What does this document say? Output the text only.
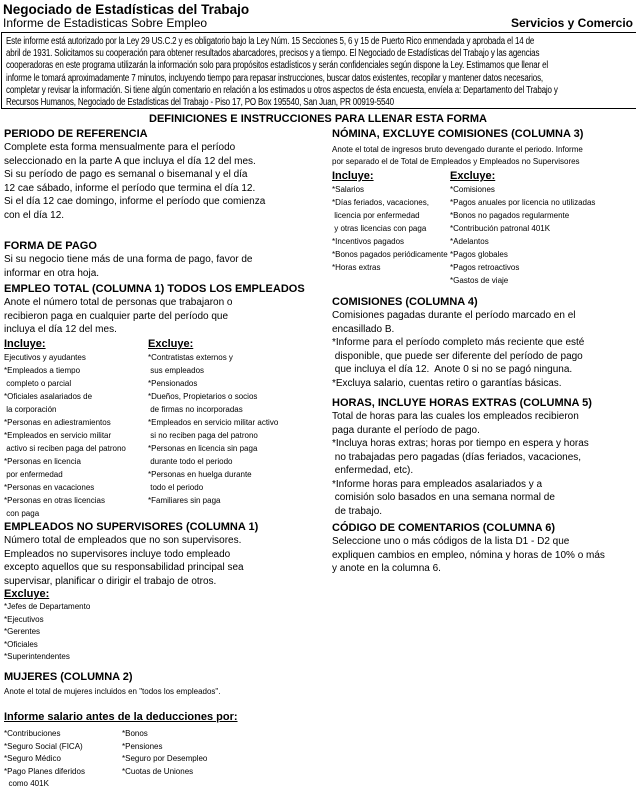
Negociado de Estadísticas del Trabajo
Informe de Estadisticas Sobre Empleo	Servicios y Comercio
Este informe está autorizado por la Ley 29 US.C.2 y es obligatorio bajo la Ley Núm. 15 Secciones 5, 6 y 15 de Puerto Rico enmendada y aprobada el 14 de
abril de 1931. Solicitamos su cooperación para obtener resultados abarcadores, precisos y a tiempo. El Negociado de Estadísticas del Trabajo y las agencias
cooperadoras en este programa utilizarán la información solo para propósitos estadísticos y serán confidenciales según dispone la Ley. Estimamos que llenar el
informe le tomará aproximadamente 7 minutos, incluyendo tiempo para repasar instrucciones, buscar datos existentes, recopilar y mantener datos necesarios,
completar y revisar la información. Si tiene algún comentario en relación a los estimados u otros aspectos de ésta encuesta, envíela a: Departamento del Trabajo y
Recursos Humanos, Negociado de Estadísticas del Trabajo - Piso 17, PO Box 195540, San Juan, PR 00919-5540
DEFINICIONES E INSTRUCCIONES PARA LLENAR ESTA FORMA
PERIODO DE REFERENCIA
Complete esta forma mensualmente para el período
seleccionado en la parte A que incluya el día 12 del mes.
Si su período de pago es semanal o bisemanal y el día
12 cae sábado, informe el período que termina el día 12.
Si el día 12 cae domingo, informe el período que comienza
con el día 12.
FORMA DE PAGO
Si su negocio tiene más de una forma de pago, favor de
informar en otra hoja.
EMPLEO TOTAL (COLUMNA 1) TODOS LOS EMPLEADOS
Anote el número total de personas que trabajaron o
recibieron paga en cualquier parte del período que
incluya el día 12 del mes.
Incluye:
Ejecutivos y ayudantes
*Empleados a tiempo
completo o parcial
*Oficiales asalariados de
la corporación
*Personas en adiestramientos
*Empleados en servicio militar
activo si reciben paga del patrono
*Personas en licencia
por enfermedad
*Personas en vacaciones
*Personas en otras licencias
con paga
Excluye:
*Contratistas externos y
sus empleados
*Pensionados
*Dueños, Propietarios o socios
de firmas no incorporadas
*Empleados en servicio militar activo
si no reciben paga del patrono
*Personas en licencia sin paga
durante todo el periodo
*Personas en huelga durante
todo el periodo
*Familiares sin paga
EMPLEADOS NO SUPERVISORES (COLUMNA 1)
Número total de empleados que no son supervisores.
Empleados no supervisores incluye todo empleado
excepto aquellos que su responsabilidad principal sea
supervisar, planificar o dirigir el trabajo de otros.
Excluye:
*Jefes de Departamento
*Ejecutivos
*Gerentes
*Oficiales
*Superintendentes
MUJERES (COLUMNA 2)
Anote el total de mujeres incluidos en "todos los empleados".
Informe salario antes de la deducciones por:
*Contribuciones
*Seguro Social (FICA)
*Seguro Médico
*Pago Planes diferidos
como 401K
*Bonos
*Pensiones
*Seguro por Desempleo
*Cuotas de Uniones
NÓMINA, EXCLUYE COMISIONES (COLUMNA 3)
Anote el total de ingresos bruto devengado durante el periodo. Informe
por separado el de Total de Empleados y Empleados no Supervisores
Incluye:
*Salarios
*Días feriados, vacaciones,
licencia por enfermedad
y otras licencias con paga
*Incentivos pagados
*Bonos pagados periódicamente
*Horas extras
Excluye:
*Comisiones
*Pagos anuales por licencia no utilizadas
*Bonos no pagados regularmente
*Contribución patronal 401K
*Adelantos
*Pagos globales
*Pagos retroactivos
*Gastos de viaje
COMISIONES (COLUMNA 4)
Comisiones pagadas durante el período marcado en el
encasillado B.
*Informe para el período completo más reciente que esté
disponible, que puede ser diferente del período de pago
que incluya el día 12.  Anote 0 si no se pagó ninguna.
*Excluya salario, cuentas retiro o garantías básicas.
HORAS, INCLUYE HORAS EXTRAS (COLUMNA 5)
Total de horas para las cuales los empleados recibieron
paga durante el período de pago.
*Incluya horas extras; horas por tiempo en espera y horas
no trabajadas pero pagadas (días feriados, vacaciones,
enfermedad, etc).
*Informe horas para empleados asalariados y a
comisión solo basados en una semana normal de
de trabajo.
CÓDIGO DE COMENTARIOS (COLUMNA 6)
Seleccione uno o más códigos de la lista D1 - D2 que
expliquen cambios en empleo, nómina y horas de 10% o más
y anote en la columna 6.
